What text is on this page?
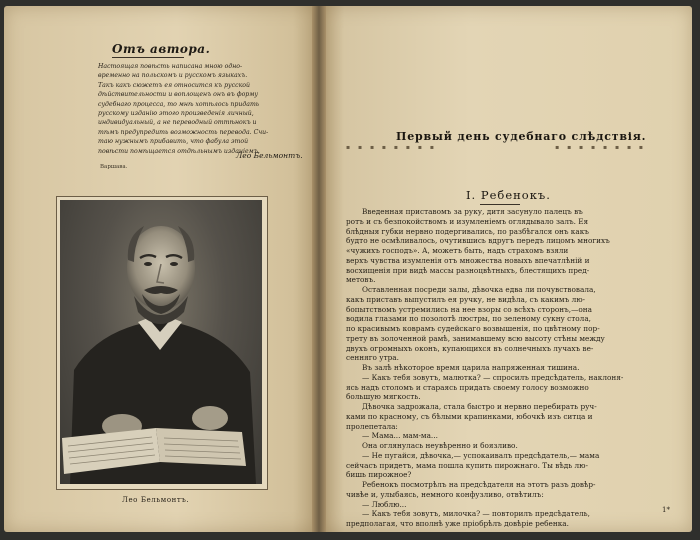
Отъ автора.
Настоящая повѣсть написана мною одно-
временно на польскомъ и русскомъ языкахъ.
Такъ какъ сюжетъ ея относится къ русской
дѣйствительности и воплощенъ онъ въ форму
судебнаго процесса, то мнѣ хотѣлось придать
русскому изданію этого произведенія личный,
индивидуальный, а не переводный оттѣнокъ и
тѣмъ предупредить возможность перевода. Счи-
таю нужнымъ прибавить, что фабула этой
повѣсти помѣщается отдѣльнымъ изданіемъ.
Лео Бельмонтъ.
Варшава.
Лео Бельмонтъ.
Первый день судебнаго слѣдствія.
▪ ▪ ▪ ▪ ▪ ▪ ▪ ▪	▪ ▪ ▪ ▪ ▪ ▪ ▪ ▪
I. Ребенокъ.
Введенная приставомъ за руку, дитя засунуло палецъ въ
ротъ и съ безпокойствомъ и изумленіемъ оглядывало залъ. Ея
блѣдныя губки нервно подергивались, по разбѣгался онъ какъ
будто не осмѣливалось, очутившись вдругъ передъ лицомъ многихъ
«чужихъ господъ». А, можетъ быть, надъ страхомъ взяли
верхъ чувства изумленія отъ множества новыхъ впечатлѣній и
восхищенія при видѣ массы разноцвѣтныхъ, блестящихъ пред-
метовъ.
Оставленная посреди залы, дѣвочка едва ли почувствовала,
какъ приставъ выпустилъ ея ручку, не видѣла, съ какимъ лю-
бопытствомъ устремились на нее взоры со всѣхъ сторонъ,—она
водила глазами по позолотѣ люстры, по зеленому сукну стола,
по красивымъ коврамъ судейскаго возвышенія, по цвѣтному пор-
трету въ золоченной рамѣ, занимавшему всю высоту стѣны между
двухъ огромныхъ оконъ, купающихся въ солнечныхъ лучахъ ве-
сенняго утра.
Въ залѣ нѣкоторое время царила напряженная тишина.
— Какъ тебя зовутъ, малютка? — спросилъ предсѣдатель, наклоня-
ясь надъ столомъ и стараясь придать своему голосу возможно
большую мягкость.
Дѣвочка задрожала, стала быстро и нервно перебирать руч-
ками по красному, съ бѣлыми крапинками, юбочкѣ изъ ситца и
пролепетала:
— Мама... мам-ма...
Она оглянулась неувѣренно и боязливо.
— Не пугайся, дѣвочка,— успокаивалъ предсѣдатель,— мама
сейчасъ придетъ, мама пошла купить пирожнаго. Ты вѣдь лю-
бишь пирожное?
Ребенокъ посмотрѣлъ на предсѣдателя на этотъ разъ довѣр-
чивѣе и, улыбаясь, немного конфузливо, отвѣтилъ:
— Люблю...
— Какъ тебя зовутъ, милочка? — повторилъ предсѣдатель,
предполагая, что вполнѣ уже пріобрѣлъ довѣріе ребенка.
1*
